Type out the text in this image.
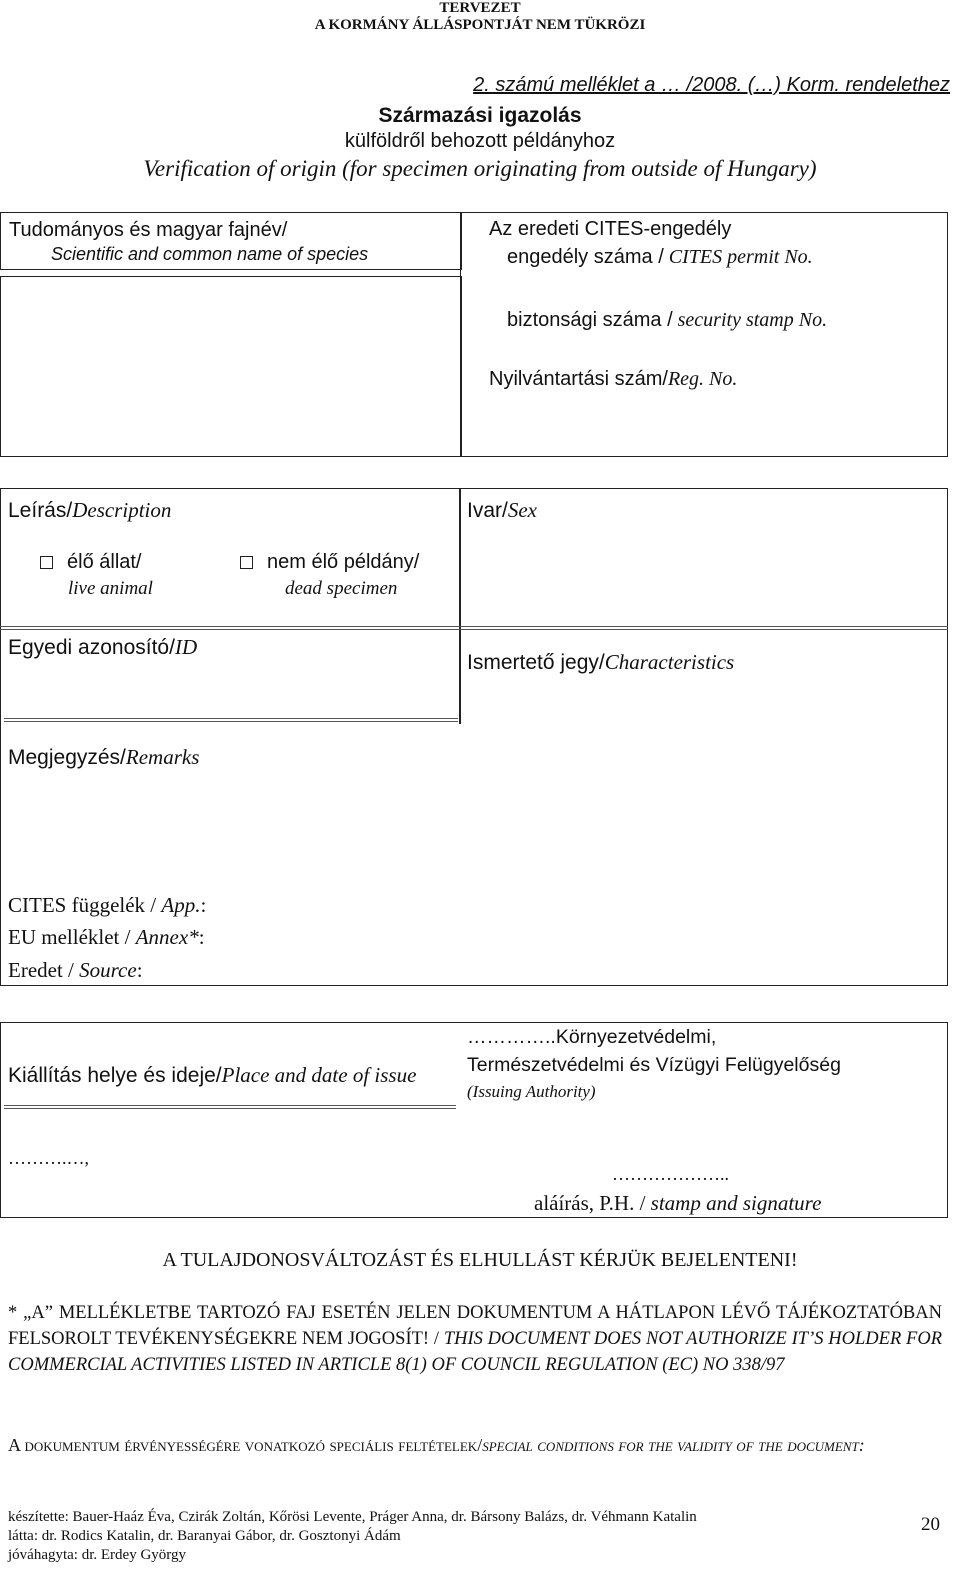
TERVEZET
A KORMÁNY ÁLLÁSPONTJÁT NEM TÜKRÖZI
2. számú melléklet a … /2008. (…) Korm. rendelethez
Származási igazolás
külföldről behozott példányhoz
Verification of origin (for specimen originating from outside of Hungary)
Tudományos és magyar fajnév/
Scientific and common name of species
Az eredeti CITES-engedély
engedély száma / CITES permit No.
biztonsági száma / security stamp No.
Nyilvántartási szám/Reg. No.
Leírás/Description	Ivar/Sex
élő állat/
live animal
nem élő példány/
dead specimen
Egyedi azonosító/ID
Ismertető jegy/Characteristics
Megjegyzés/Remarks
CITES függelék / App.:
EU melléklet / Annex*:
Eredet / Source:
Kiállítás helye és ideje/Place and date of issue
…………..Környezetvédelmi,
Természetvédelmi és Vízügyi Felügyelőség
(Issuing Authority)
……….…,
………………..
aláírás, P.H. / stamp and signature
A TULAJDONOSVÁLTOZÁST ÉS ELHULLÁST KÉRJÜK BEJELENTENI!
* „A” MELLÉKLETBE TARTOZÓ FAJ ESETÉN JELEN DOKUMENTUM A HÁTLAPON LÉVŐ TÁJÉKOZTATÓBAN FELSOROLT TEVÉKENYSÉGEKRE NEM JOGOSÍT! / THIS DOCUMENT DOES NOT AUTHORIZE IT’S HOLDER FOR COMMERCIAL ACTIVITIES LISTED IN ARTICLE 8(1) OF COUNCIL REGULATION (EC) NO 338/97
A dokumentum érvényességére vonatkozó speciális feltételek/special conditions for the validity of the document:
készítette: Bauer-Haáz Éva, Czirák Zoltán, Kőrösi Levente, Práger Anna, dr. Bársony Balázs, dr. Véhmann Katalin
látta: dr. Rodics Katalin, dr. Baranyai Gábor, dr. Gosztonyi Ádám
jóváhagyta: dr. Erdey György
20
